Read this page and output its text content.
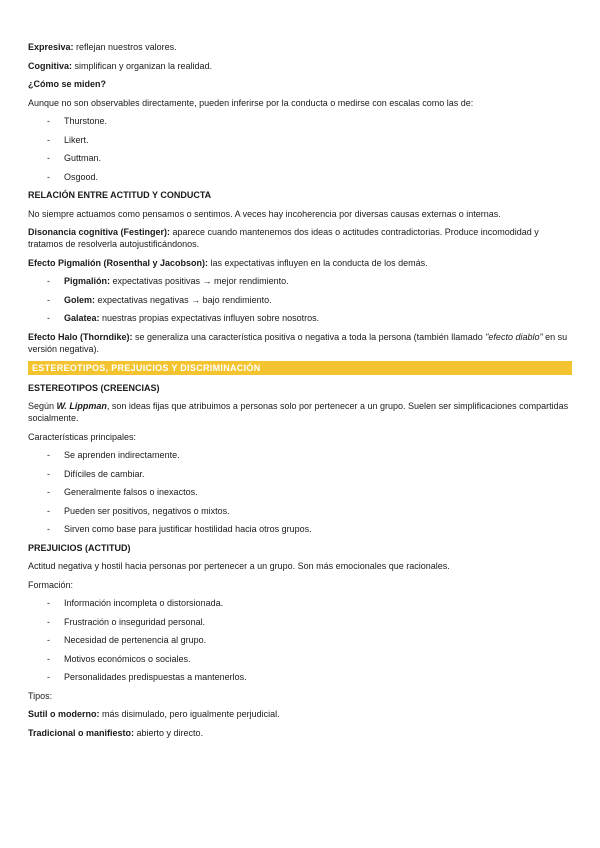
Expresiva: reflejan nuestros valores.

Cognitiva: simplifican y organizan la realidad.

¿Cómo se miden?

Aunque no son observables directamente, pueden inferirse por la conducta o medirse con escalas como las de:

- Thurstone.
- Likert.
- Guttman.
- Osgood.

RELACIÓN ENTRE ACTITUD Y CONDUCTA

No siempre actuamos como pensamos o sentimos. A veces hay incoherencia por diversas causas externas o internas.

Disonancia cognitiva (Festinger): aparece cuando mantenemos dos ideas o actitudes contradictorias. Produce incomodidad y tratamos de resolverla autojustificándonos.

Efecto Pigmalión (Rosenthal y Jacobson): las expectativas influyen en la conducta de los demás.

- Pigmalión: expectativas positivas → mejor rendimiento.
- Golem: expectativas negativas → bajo rendimiento.
- Galatea: nuestras propias expectativas influyen sobre nosotros.

Efecto Halo (Thorndike): se generaliza una característica positiva o negativa a toda la persona (también llamado "efecto diablo" en su versión negativa).

ESTEREOTIPOS, PREJUICIOS Y DISCRIMINACIÓN

ESTEREOTIPOS (CREENCIAS)

Según W. Lippman, son ideas fijas que atribuimos a personas solo por pertenecer a un grupo. Suelen ser simplificaciones compartidas socialmente.

Características principales:

- Se aprenden indirectamente.
- Difíciles de cambiar.
- Generalmente falsos o inexactos.
- Pueden ser positivos, negativos o mixtos.
- Sirven como base para justificar hostilidad hacia otros grupos.

PREJUICIOS (ACTITUD)

Actitud negativa y hostil hacia personas por pertenecer a un grupo. Son más emocionales que racionales.

Formación:

- Información incompleta o distorsionada.
- Frustración o inseguridad personal.
- Necesidad de pertenencia al grupo.
- Motivos económicos o sociales.
- Personalidades predispuestas a mantenerlos.

Tipos:

Sutil o moderno: más disimulado, pero igualmente perjudicial.

Tradicional o manifiesto: abierto y directo.
